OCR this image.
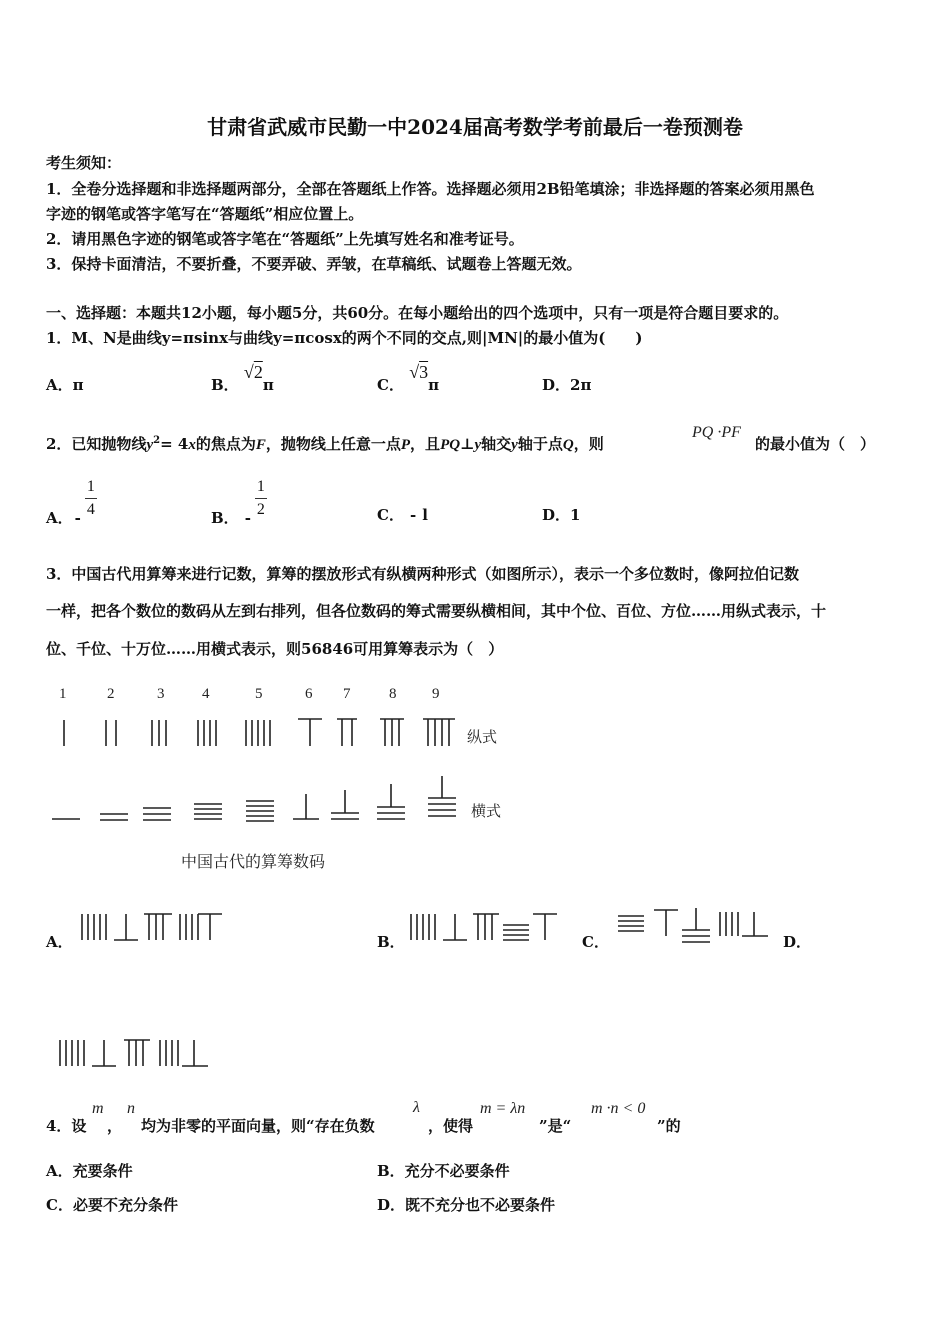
甘肃省武威市民勤一中2024届高考数学考前最后一卷预测卷
考生须知：
1．全卷分选择题和非选择题两部分，全部在答题纸上作答。选择题必须用2B铅笔填涂；非选择题的答案必须用黑色
字迹的钢笔或答字笔写在“答题纸”相应位置上。
2．请用黑色字迹的钢笔或答字笔在“答题纸”上先填写姓名和准考证号。
3．保持卡面清洁，不要折叠，不要弄破、弄皱，在草稿纸、试题卷上答题无效。
一、选择题：本题共12小题，每小题5分，共60分。在每小题给出的四个选项中，只有一项是符合题目要求的。
1．M、N是曲线y=πsinx与曲线y=πcosx的两个不同的交点,则|MN|的最小值为(　　)
A．π	B． √2π	C． √3π	D．2π
2．已知抛物线$y^2= 4x$的焦点为F，抛物线上任意一点P，且PQ⊥y轴交y轴于点Q，则
PQ ·PF
的最小值为（　）
A． - $\frac{1}{4}$	B． - $\frac{1}{2}$	C． - l	D．1
3．中国古代用算筹来进行记数，算筹的摆放形式有纵横两种形式（如图所示），表示一个多位数时，像阿拉伯记数
一样，把各个数位的数码从左到右排列，但各位数码的筹式需要纵横相间，其中个位、百位、方位……用纵式表示，十
位、千位、十万位……用横式表示，则56846可用算筹表示为（　）
1	2	3	4	5	6 7	8 9
纵式
横式
中国古代的算筹数码
A．	B．	C．	D．
4．设
m
，
n
均为非零的平面向量，则“存在负数
λ
，使得
m = λn
”是“
m ·n < 0
”的
A．充要条件	B．充分不必要条件
C．必要不充分条件	D．既不充分也不必要条件
